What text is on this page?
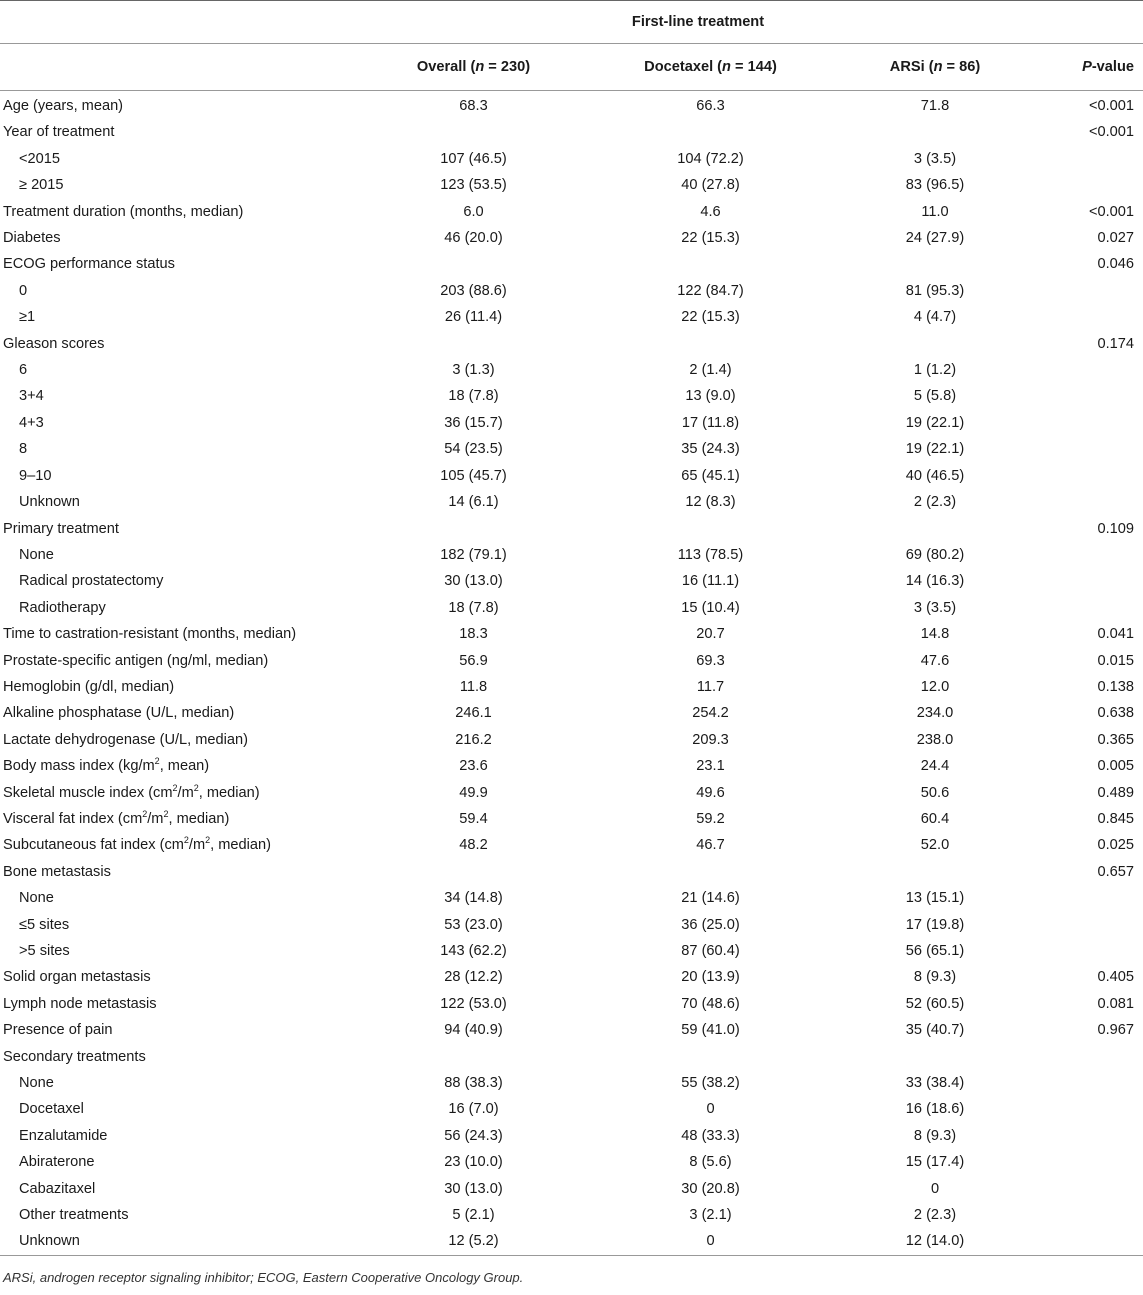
	First-line treatment			
	Overall (n = 230)	Docetaxel (n = 144)	ARSi (n = 86)	P-value
Age (years, mean)	68.3	66.3	71.8	<0.001
Year of treatment				<0.001
<2015	107 (46.5)	104 (72.2)	3 (3.5)	
≥ 2015	123 (53.5)	40 (27.8)	83 (96.5)	
Treatment duration (months, median)	6.0	4.6	11.0	<0.001
Diabetes	46 (20.0)	22 (15.3)	24 (27.9)	0.027
ECOG performance status				0.046
0	203 (88.6)	122 (84.7)	81 (95.3)	
≥1	26 (11.4)	22 (15.3)	4 (4.7)	
Gleason scores				0.174
6	3 (1.3)	2 (1.4)	1 (1.2)	
3+4	18 (7.8)	13 (9.0)	5 (5.8)	
4+3	36 (15.7)	17 (11.8)	19 (22.1)	
8	54 (23.5)	35 (24.3)	19 (22.1)	
9–10	105 (45.7)	65 (45.1)	40 (46.5)	
Unknown	14 (6.1)	12 (8.3)	2 (2.3)	
Primary treatment				0.109
None	182 (79.1)	113 (78.5)	69 (80.2)	
Radical prostatectomy	30 (13.0)	16 (11.1)	14 (16.3)	
Radiotherapy	18 (7.8)	15 (10.4)	3 (3.5)	
Time to castration-resistant (months, median)	18.3	20.7	14.8	0.041
Prostate-specific antigen (ng/ml, median)	56.9	69.3	47.6	0.015
Hemoglobin (g/dl, median)	11.8	11.7	12.0	0.138
Alkaline phosphatase (U/L, median)	246.1	254.2	234.0	0.638
Lactate dehydrogenase (U/L, median)	216.2	209.3	238.0	0.365
Body mass index ($kg/m^2$, mean)	23.6	23.1	24.4	0.005
Skeletal muscle index ($cm^2/m^2$, median)	49.9	49.6	50.6	0.489
Visceral fat index ($cm^2/m^2$, median)	59.4	59.2	60.4	0.845
Subcutaneous fat index ($cm^2/m^2$, median)	48.2	46.7	52.0	0.025
Bone metastasis				0.657
None	34 (14.8)	21 (14.6)	13 (15.1)	
≤5 sites	53 (23.0)	36 (25.0)	17 (19.8)	
>5 sites	143 (62.2)	87 (60.4)	56 (65.1)	
Solid organ metastasis	28 (12.2)	20 (13.9)	8 (9.3)	0.405
Lymph node metastasis	122 (53.0)	70 (48.6)	52 (60.5)	0.081
Presence of pain	94 (40.9)	59 (41.0)	35 (40.7)	0.967
Secondary treatments				
None	88 (38.3)	55 (38.2)	33 (38.4)	
Docetaxel	16 (7.0)	0	16 (18.6)	
Enzalutamide	56 (24.3)	48 (33.3)	8 (9.3)	
Abiraterone	23 (10.0)	8 (5.6)	15 (17.4)	
Cabazitaxel	30 (13.0)	30 (20.8)	0	
Other treatments	5 (2.1)	3 (2.1)	2 (2.3)	
Unknown	12 (5.2)	0	12 (14.0)	
ARSi, androgen receptor signaling inhibitor; ECOG, Eastern Cooperative Oncology Group.
